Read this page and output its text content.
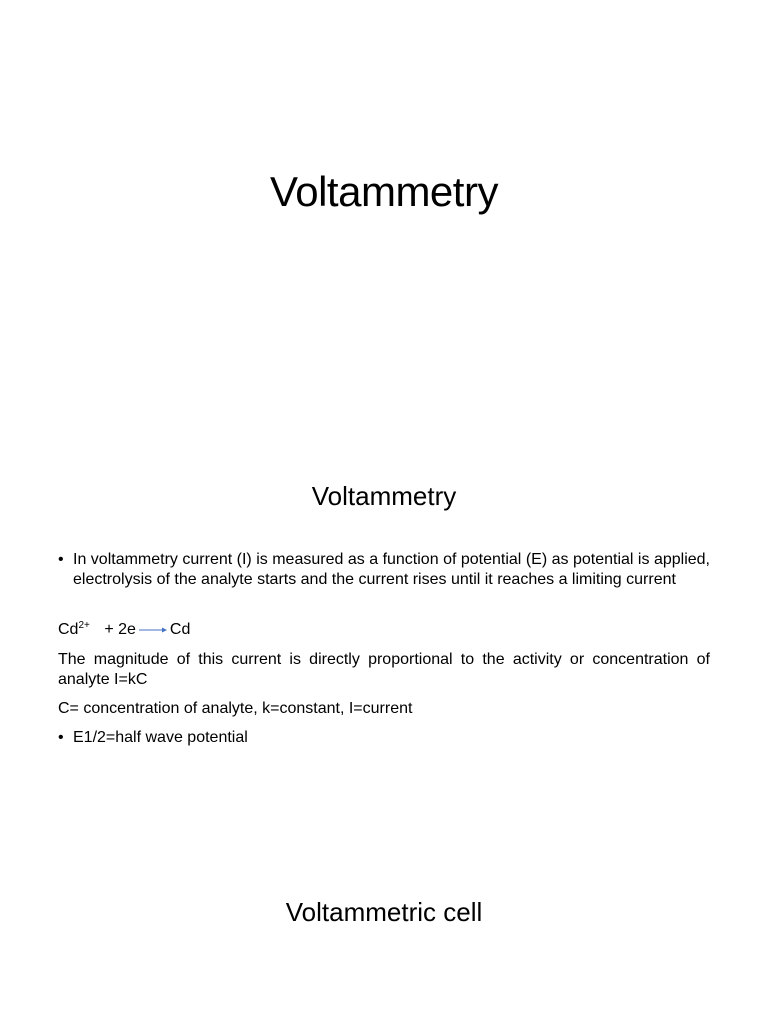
Voltammetry
Voltammetry
• In voltammetry current (I) is measured as a function of potential (E) as potential is applied, electrolysis of the analyte starts and the current rises until it reaches a limiting current
$Cd^{2+} + 2e \to Cd$
The magnitude of this current is directly proportional to the activity or concentration of analyte I=kC
C= concentration of analyte, k=constant, I=current
• E1/2=half wave potential
Voltammetric cell
